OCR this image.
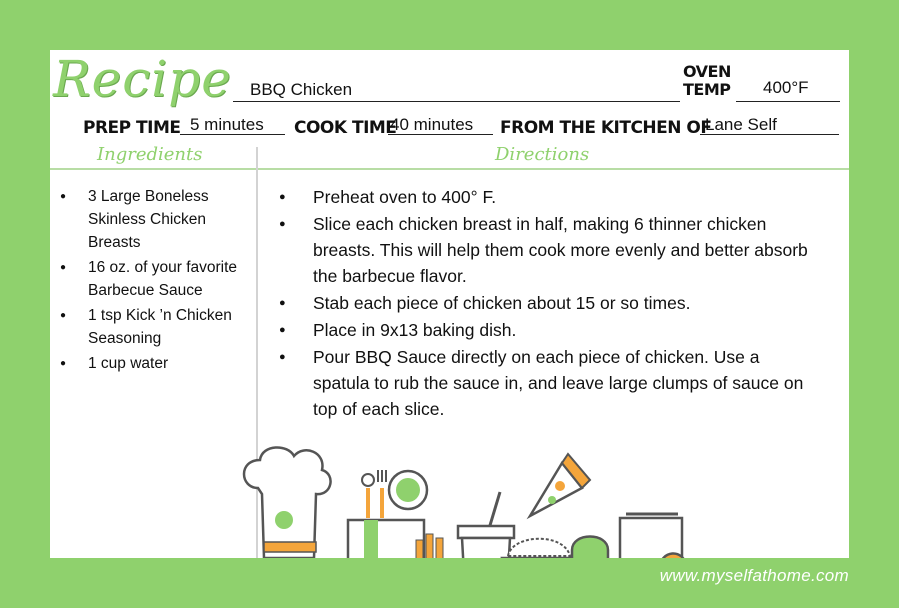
Recipe BBQ Chicken
OVEN
TEMP 400°F
PREP TIME 5 minutes COOK TIME
40 minutes FROM THE KITCHEN OF
Lane Self
Ingredients	Directions
● 3 Large Boneless Skinless Chicken Breasts
● 16 oz. of your favorite Barbecue Sauce
● 1 tsp Kick ’n Chicken Seasoning
● 1 cup water
● Preheat oven to 400° F.
● Slice each chicken breast in half, making 6 thinner chicken breasts. This will help them cook more evenly and better absorb the barbecue flavor.
● Stab each piece of chicken about 15 or so times.
● Place in 9x13 baking dish.
● Pour BBQ Sauce directly on each piece of chicken. Use a spatula to rub the sauce in, and leave large clumps of sauce on top of each slice.
www.myselfathome.com
